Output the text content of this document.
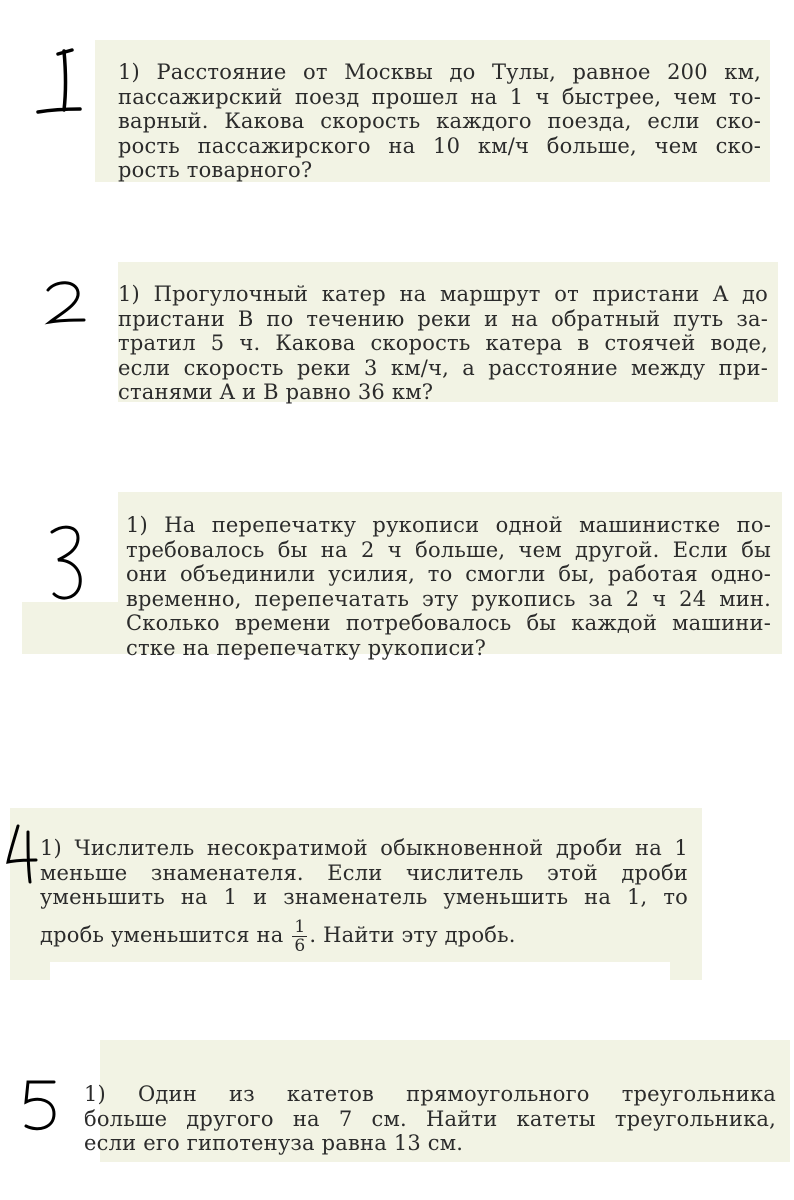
1) Расстояние от Москвы до Тулы, равное 200 км,
пассажирский поезд прошел на 1 ч быстрее, чем то-
варный. Какова скорость каждого поезда, если ско-
рость пассажирского на 10 км/ч больше, чем ско-
рость товарного?
1) Прогулочный катер на маршрут от пристани A до
пристани B по течению реки и на обратный путь за-
тратил 5 ч. Какова скорость катера в стоячей воде,
если скорость реки 3 км/ч, а расстояние между при-
станями A и B равно 36 км?
1) На перепечатку рукописи одной машинистке по-
требовалось бы на 2 ч больше, чем другой. Если бы
они объединили усилия, то смогли бы, работая одно-
временно, перепечатать эту рукопись за 2 ч 24 мин.
Сколько времени потребовалось бы каждой машини-
стке на перепечатку рукописи?
1) Числитель несократимой обыкновенной дроби на 1
меньше знаменателя. Если числитель этой дроби
уменьшить на 1 и знаменатель уменьшить на 1, то
дробь уменьшится на $\frac{1}{6}$ . Найти эту дробь.
1) Один из катетов прямоугольного треугольника
больше другого на 7 см. Найти катеты треугольника,
если его гипотенуза равна 13 см.
